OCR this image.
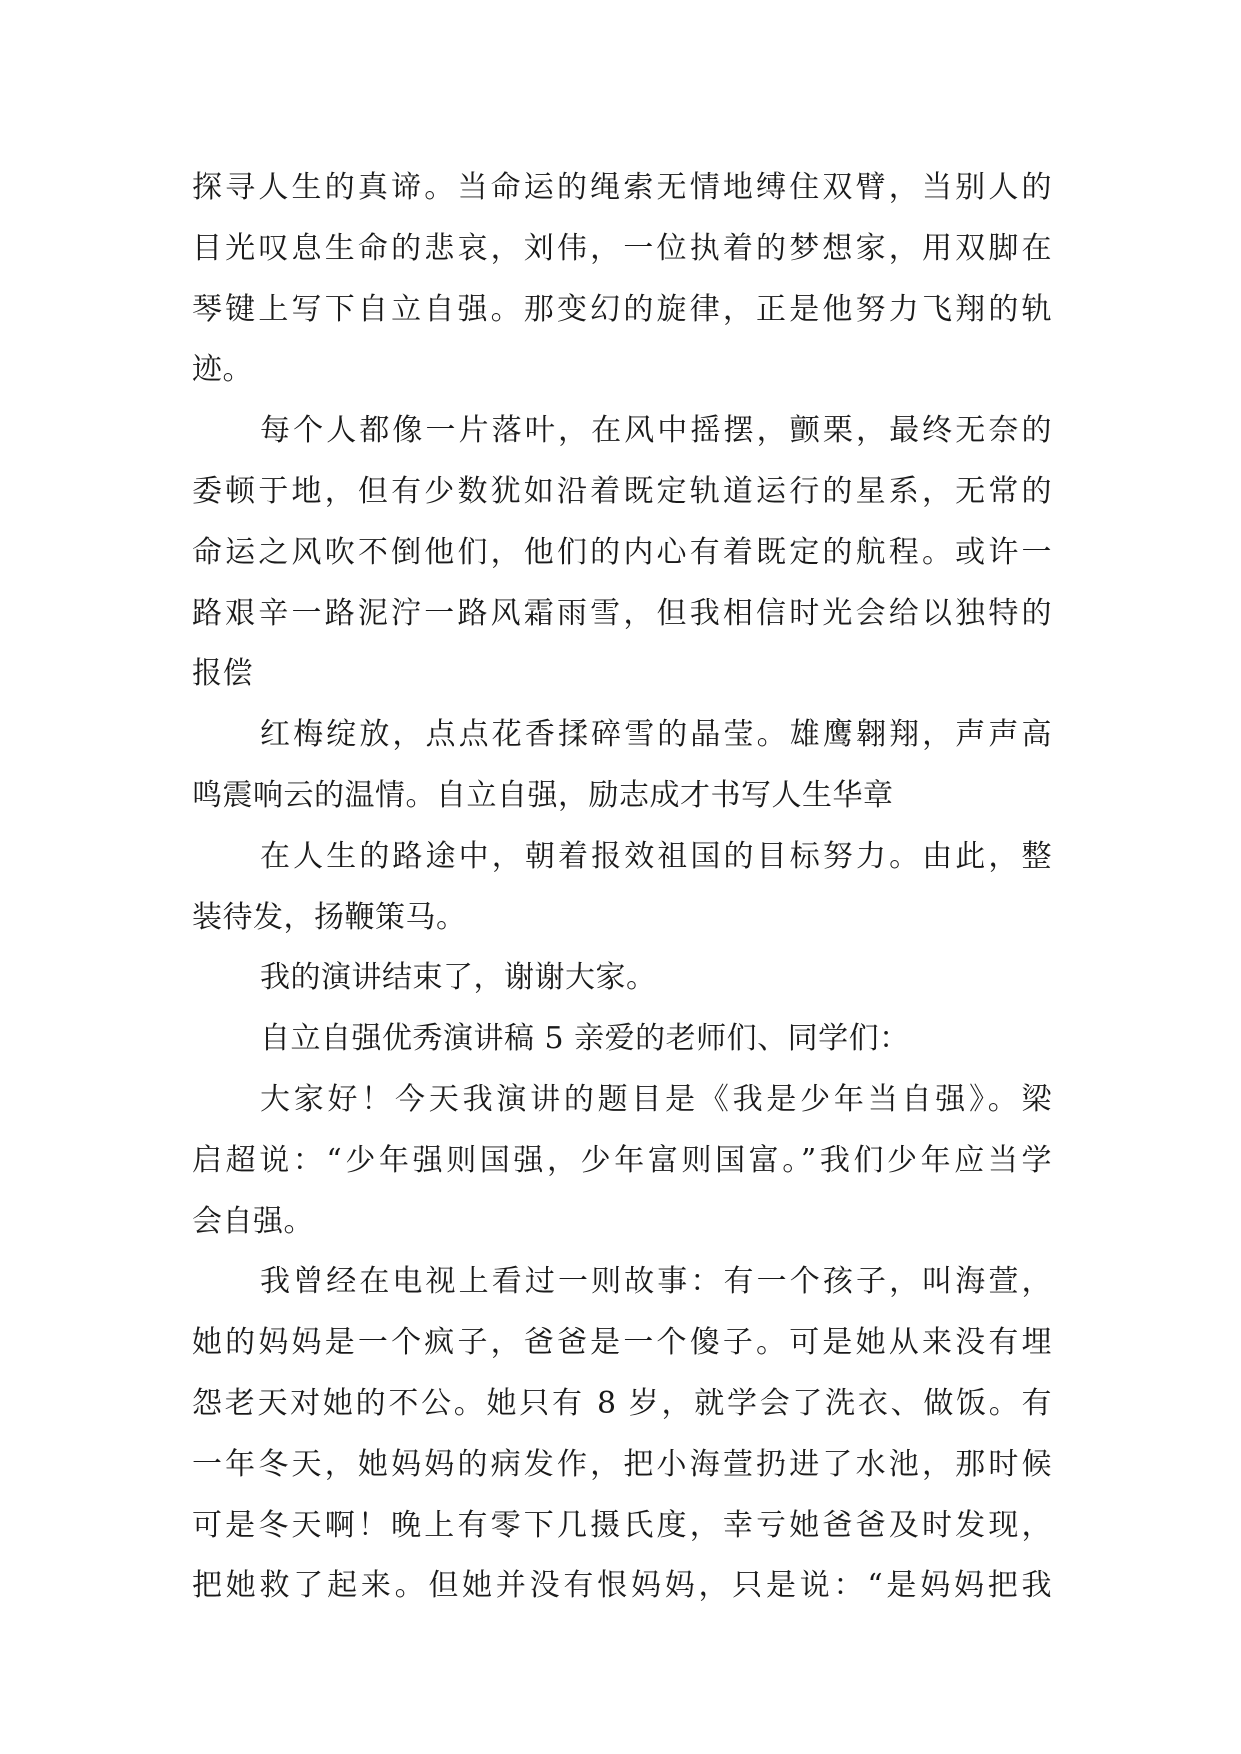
探寻人生的真谛。当命运的绳索无情地缚住双臂，当别人的
目光叹息生命的悲哀，刘伟，一位执着的梦想家，用双脚在
琴键上写下自立自强。那变幻的旋律，正是他努力飞翔的轨
迹。
每个人都像一片落叶，在风中摇摆，颤栗，最终无奈的
委顿于地，但有少数犹如沿着既定轨道运行的星系，无常的
命运之风吹不倒他们，他们的内心有着既定的航程。或许一
路艰辛一路泥泞一路风霜雨雪，但我相信时光会给以独特的
报偿
红梅绽放，点点花香揉碎雪的晶莹。雄鹰翱翔，声声高
鸣震响云的温情。自立自强，励志成才书写人生华章
在人生的路途中，朝着报效祖国的目标努力。由此，整
装待发，扬鞭策马。
我的演讲结束了，谢谢大家。
自立自强优秀演讲稿 5 亲爱的老师们、同学们：
大家好！今天我演讲的题目是《我是少年当自强》。梁
启超说：“少年强则国强，少年富则国富。”我们少年应当学
会自强。
我曾经在电视上看过一则故事：有一个孩子，叫海萱，
她的妈妈是一个疯子，爸爸是一个傻子。可是她从来没有埋
怨老天对她的不公。她只有 8 岁，就学会了洗衣、做饭。有
一年冬天，她妈妈的病发作，把小海萱扔进了水池，那时候
可是冬天啊！晚上有零下几摄氏度，幸亏她爸爸及时发现，
把她救了起来。但她并没有恨妈妈，只是说：“是妈妈把我
